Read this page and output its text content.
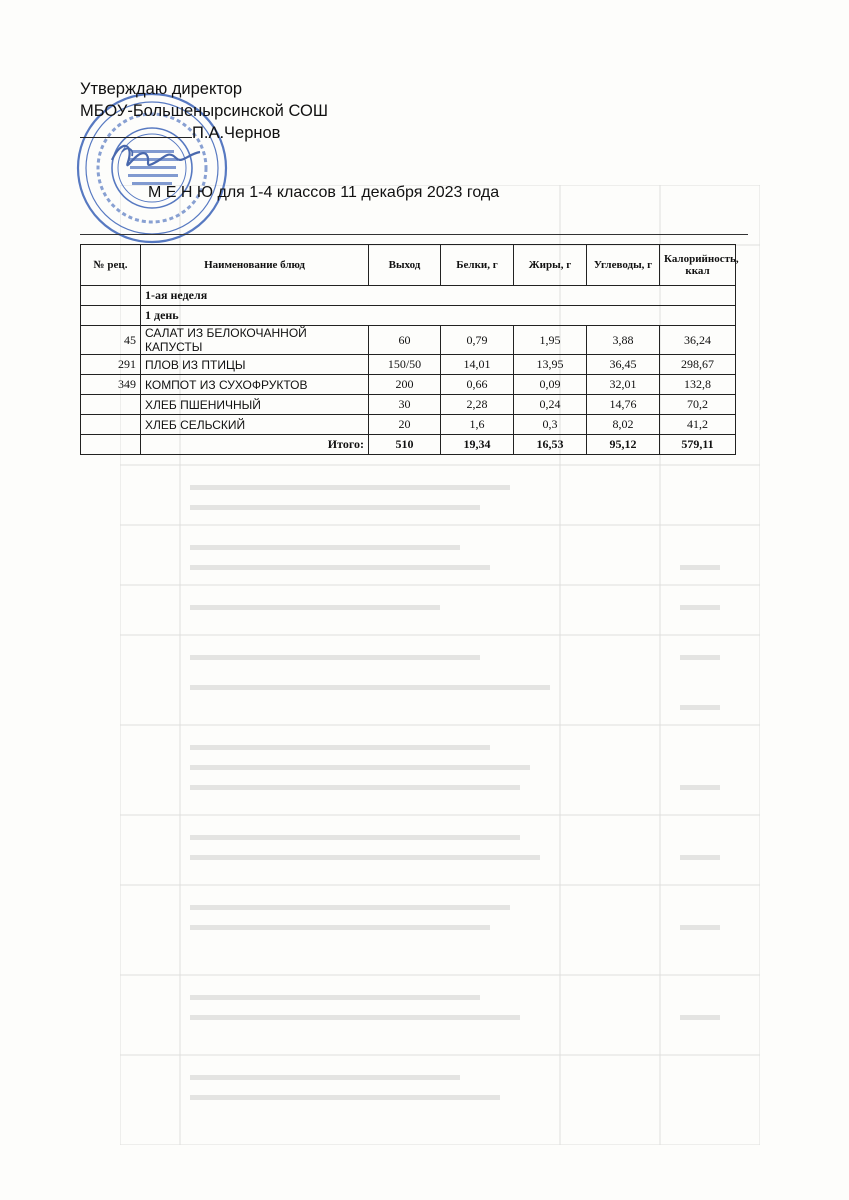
Утверждаю директор
МБОУ-Большенырсинской СОШ
П.А.Чернов
М Е Н Ю для 1-4 классов 11 декабря 2023 года
№ рец.	Наименование блюд	Выход	Белки, г	Жиры, г	Углеводы, г	Калорийность, ккал
	1-ая неделя					
	1 день					
45	САЛАТ ИЗ БЕЛОКОЧАННОЙ КАПУСТЫ	60	0,79	1,95	3,88	36,24
291	ПЛОВ ИЗ ПТИЦЫ	150/50	14,01	13,95	36,45	298,67
349	КОМПОТ ИЗ СУХОФРУКТОВ	200	0,66	0,09	32,01	132,8
	ХЛЕБ ПШЕНИЧНЫЙ	30	2,28	0,24	14,76	70,2
	ХЛЕБ СЕЛЬСКИЙ	20	1,6	0,3	8,02	41,2
	Итого:	510	19,34	16,53	95,12	579,11
